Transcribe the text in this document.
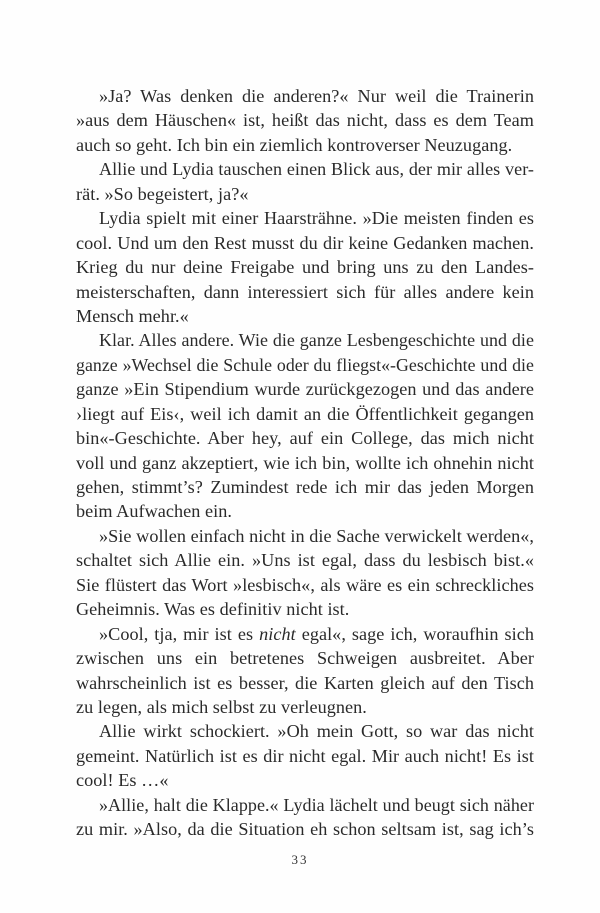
»Ja? Was denken die anderen?« Nur weil die Trainerin
»aus dem Häuschen« ist, heißt das nicht, dass es dem Team
auch so geht. Ich bin ein ziemlich kontroverser Neuzugang.
Allie und Lydia tauschen einen Blick aus, der mir alles ver-
rät. »So begeistert, ja?«
Lydia spielt mit einer Haarsträhne. »Die meisten finden es
cool. Und um den Rest musst du dir keine Gedanken machen.
Krieg du nur deine Freigabe und bring uns zu den Landes-
meisterschaften, dann interessiert sich für alles andere kein
Mensch mehr.«
Klar. Alles andere. Wie die ganze Lesbengeschichte und die
ganze »Wechsel die Schule oder du fliegst«-Geschichte und die
ganze »Ein Stipendium wurde zurückgezogen und das andere
›liegt auf Eis‹, weil ich damit an die Öffentlichkeit gegangen
bin«-Geschichte. Aber hey, auf ein College, das mich nicht
voll und ganz akzeptiert, wie ich bin, wollte ich ohnehin nicht
gehen, stimmt’s? Zumindest rede ich mir das jeden Morgen
beim Aufwachen ein.
»Sie wollen einfach nicht in die Sache verwickelt werden«,
schaltet sich Allie ein. »Uns ist egal, dass du lesbisch bist.«
Sie flüstert das Wort »lesbisch«, als wäre es ein schreckliches
Geheimnis. Was es definitiv nicht ist.
»Cool, tja, mir ist es nicht egal«, sage ich, woraufhin sich
zwischen uns ein betretenes Schweigen ausbreitet. Aber
wahrscheinlich ist es besser, die Karten gleich auf den Tisch
zu legen, als mich selbst zu verleugnen.
Allie wirkt schockiert. »Oh mein Gott, so war das nicht
gemeint. Natürlich ist es dir nicht egal. Mir auch nicht! Es ist
cool! Es …«
»Allie, halt die Klappe.« Lydia lächelt und beugt sich näher
zu mir. »Also, da die Situation eh schon seltsam ist, sag ich’s
33
